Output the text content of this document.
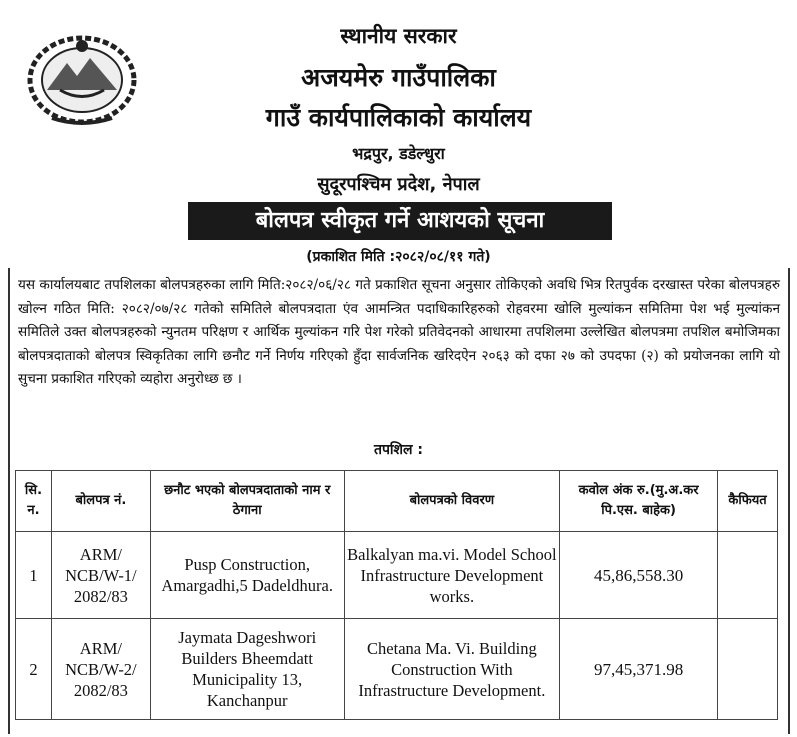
स्थानीय सरकार
अजयमेरु गाउँपालिका
गाउँ कार्यपालिकाको कार्यालय
भद्रपुर, डडेल्धुरा
सुदूरपश्चिम प्रदेश, नेपाल
बोलपत्र स्वीकृत गर्ने आशयको सूचना
(प्रकाशित मिति :२०८२/०८/११ गते)
यस कार्यालयबाट तपशिलका बोलपत्रहरुका लागि मिति:२०८२/०६/२८ गते प्रकाशित सूचना अनुसार तोकिएको अवधि भित्र रितपुर्वक दरखास्त परेका बोलपत्रहरु खोल्न गठित मिति: २०८२/०७/२८ गतेको समितिले बोलपत्रदाता एंव आमन्त्रित पदाधिकारिहरुको रोहवरमा खोलि मुल्यांकन समितिमा पेश भई मुल्यांकन समितिले उक्त बोलपत्रहरुको न्युनतम परिक्षण र आर्थिक मुल्यांकन गरि पेश गरेको प्रतिवेदनको आधारमा तपशिलमा उल्लेखित बोलपत्रमा तपशिल बमोजिमका बोलपत्रदाताको बोलपत्र स्विकृतिका लागि छनौट गर्ने निर्णय गरिएको हुँदा सार्वजनिक खरिदऐन २०६३ को दफा २७ को उपदफा (२) को प्रयोजनका लागि यो सुचना प्रकाशित गरिएको व्यहोरा अनुरोध्छ छ ।
तपशिल :
सि. न.	बोलपत्र नं.	छनौट भएको बोलपत्रदाताको नाम र ठेगाना	बोलपत्रको विवरण	कवोल अंक रु.(मु.अ.कर पि.एस. बाहेक)	कैफियत
1	ARM/ NCB/W-1/ 2082/83	Pusp Construction, Amargadhi,5 Dadeldhura.	Balkalyan ma.vi. Model School Infrastructure Development works.	45,86,558.30	
2	ARM/ NCB/W-2/ 2082/83	Jaymata Dageshwori Builders Bheemdatt Municipality 13, Kanchanpur	Chetana Ma. Vi. Building Construction With Infrastructure Development.	97,45,371.98	
